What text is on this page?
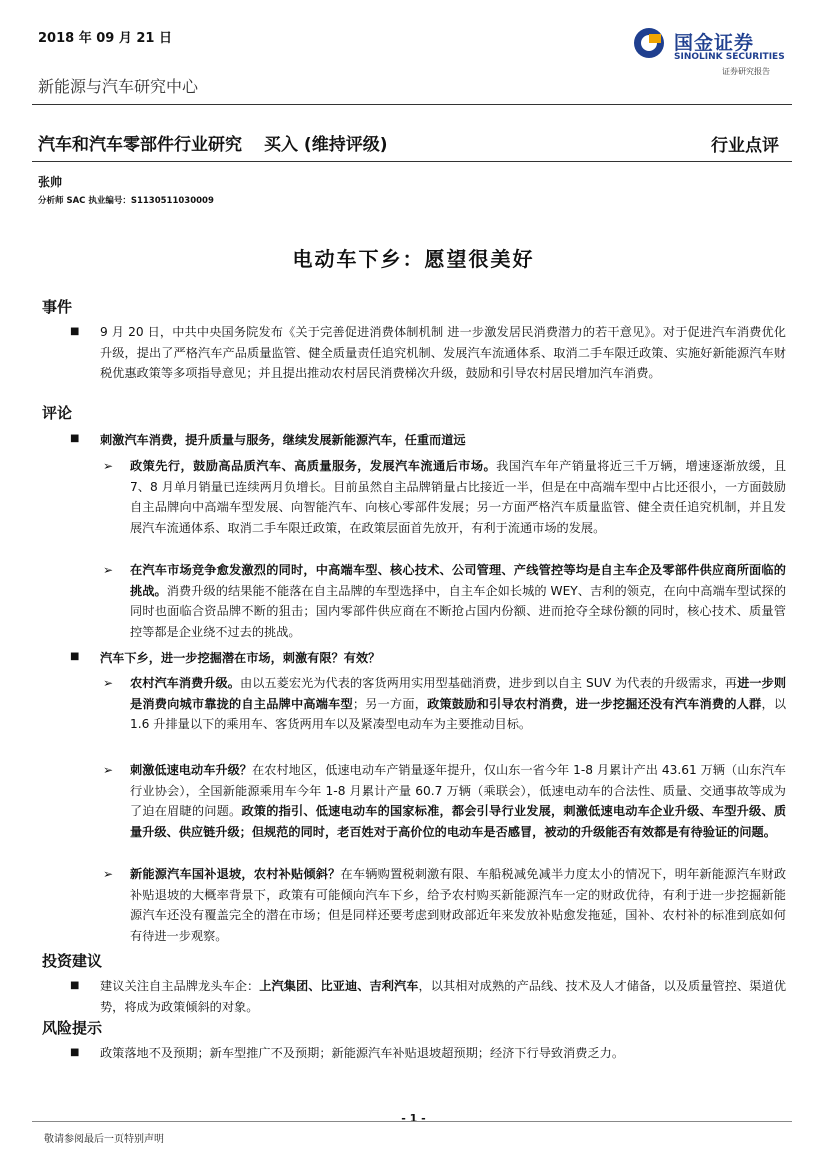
2018 年 09 月 21 日
新能源与汽车研究中心
国金证券
SINOLINK SECURITIES
证券研究报告
汽车和汽车零部件行业研究 买入 (维持评级)	行业点评
张帅
分析师 SAC 执业编号：S1130511030009
电动车下乡：愿望很美好
事件
■ 9 月 20 日，中共中央国务院发布《关于完善促进消费体制机制 进一步激发居民消费潜力的若干意见》。对于促进汽车消费优化升级，提出了严格汽车产品质量监管、健全质量责任追究机制、发展汽车流通体系、取消二手车限迁政策、实施好新能源汽车财税优惠政策等多项指导意见；并且提出推动农村居民消费梯次升级，鼓励和引导农村居民增加汽车消费。
评论
■ 刺激汽车消费，提升质量与服务，继续发展新能源汽车，任重而道远
➢ 政策先行，鼓励高品质汽车、高质量服务，发展汽车流通后市场。我国汽车年产销量将近三千万辆，增速逐渐放缓，且 7、8 月单月销量已连续两月负增长。目前虽然自主品牌销量占比接近一半，但是在中高端车型中占比还很小，一方面鼓励自主品牌向中高端车型发展、向智能汽车、向核心零部件发展；另一方面严格汽车质量监管、健全责任追究机制，并且发展汽车流通体系、取消二手车限迁政策，在政策层面首先放开，有利于流通市场的发展。
➢ 在汽车市场竞争愈发激烈的同时，中高端车型、核心技术、公司管理、产线管控等均是自主车企及零部件供应商所面临的挑战。消费升级的结果能不能落在自主品牌的车型选择中，自主车企如长城的 WEY、吉利的领克，在向中高端车型试探的同时也面临合资品牌不断的狙击；国内零部件供应商在不断抢占国内份额、进而抢夺全球份额的同时，核心技术、质量管控等都是企业绕不过去的挑战。
■ 汽车下乡，进一步挖掘潜在市场，刺激有限？有效？
➢ 农村汽车消费升级。由以五菱宏光为代表的客货两用实用型基础消费，进步到以自主 SUV 为代表的升级需求，再进一步则是消费向城市靠拢的自主品牌中高端车型；另一方面，政策鼓励和引导农村消费，进一步挖掘还没有汽车消费的人群，以 1.6 升排量以下的乘用车、客货两用车以及紧凑型电动车为主要推动目标。
➢ 刺激低速电动车升级？在农村地区，低速电动车产销量逐年提升，仅山东一省今年 1-8 月累计产出 43.61 万辆（山东汽车行业协会），全国新能源乘用车今年 1-8 月累计产量 60.7 万辆（乘联会），低速电动车的合法性、质量、交通事故等成为了迫在眉睫的问题。政策的指引、低速电动车的国家标准，都会引导行业发展，刺激低速电动车企业升级、车型升级、质量升级、供应链升级；但规范的同时，老百姓对于高价位的电动车是否感冒，被动的升级能否有效都是有待验证的问题。
➢ 新能源汽车国补退坡，农村补贴倾斜？在车辆购置税刺激有限、车船税减免减半力度太小的情况下，明年新能源汽车财政补贴退坡的大概率背景下，政策有可能倾向汽车下乡，给予农村购买新能源汽车一定的财政优待，有利于进一步挖掘新能源汽车还没有覆盖完全的潜在市场；但是同样还要考虑到财政部近年来发放补贴愈发拖延，国补、农村补的标准到底如何有待进一步观察。
投资建议
■ 建议关注自主品牌龙头车企：上汽集团、比亚迪、吉利汽车，以其相对成熟的产品线、技术及人才储备，以及质量管控、渠道优势，将成为政策倾斜的对象。
风险提示
■ 政策落地不及预期；新车型推广不及预期；新能源汽车补贴退坡超预期；经济下行导致消费乏力。
- 1 -
敬请参阅最后一页特别声明
